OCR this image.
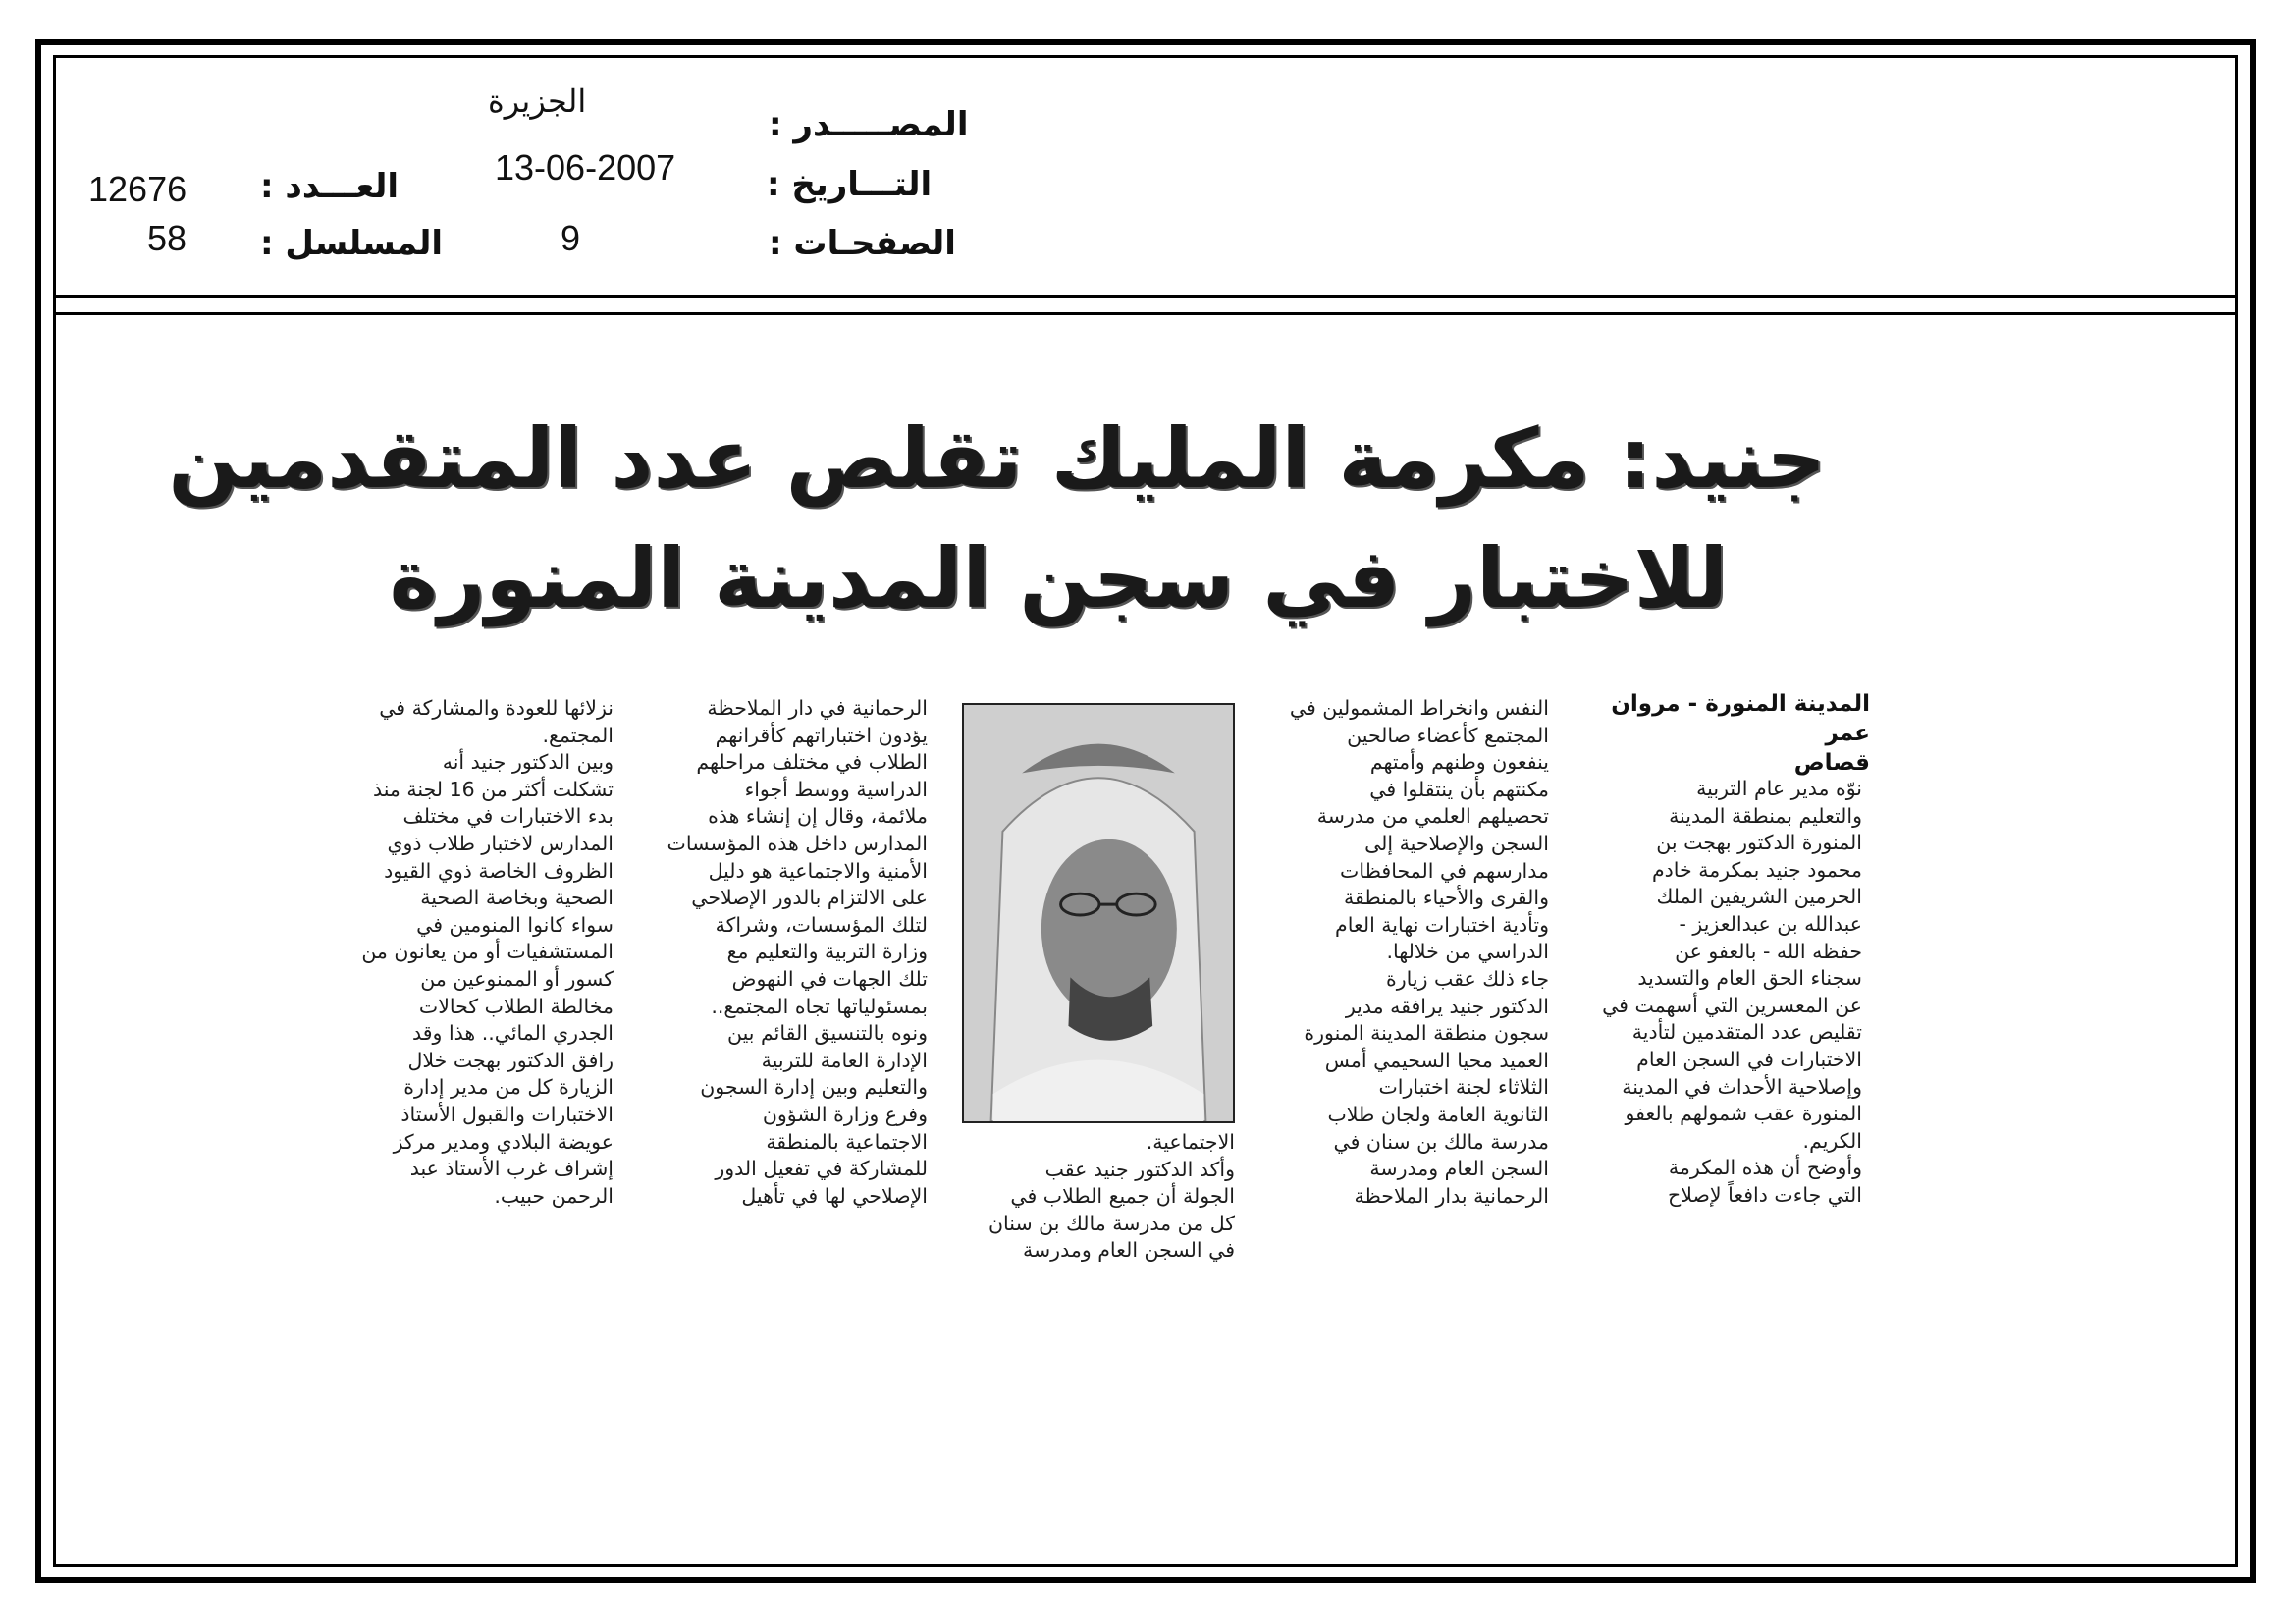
المصـــــدر :
الجزيرة
التـــاريخ :
13-06-2007
الصفحـات :
9
العـــدد :
12676
المسلسل :
58
جنيد: مكرمة المليك تقلص عدد المتقدمين
للاختبار في سجن المدينة المنورة
المدينة المنورة - مروان عمر
قصاص
نوّه مدير عام التربية
والتعليم بمنطقة المدينة
المنورة الدكتور بهجت بن
محمود جنيد بمكرمة خادم
الحرمين الشريفين الملك
عبدالله بن عبدالعزيز -
حفظه الله - بالعفو عن
سجناء الحق العام والتسديد
عن المعسرين التي أسهمت في
تقليص عدد المتقدمين لتأدية
الاختبارات في السجن العام
وإصلاحية الأحداث في المدينة
المنورة عقب شمولهم بالعفو
الكريم.
وأوضح أن هذه المكرمة
التي جاءت دافعاً لإصلاح
النفس وانخراط المشمولين في
المجتمع كأعضاء صالحين
ينفعون وطنهم وأمتهم
مكنتهم بأن ينتقلوا في
تحصيلهم العلمي من مدرسة
السجن والإصلاحية إلى
مدارسهم في المحافظات
والقرى والأحياء بالمنطقة
وتأدية اختبارات نهاية العام
الدراسي من خلالها.
جاء ذلك عقب زيارة
الدكتور جنيد يرافقه مدير
سجون منطقة المدينة المنورة
العميد محيا السحيمي أمس
الثلاثاء لجنة اختبارات
الثانوية العامة ولجان طلاب
مدرسة مالك بن سنان في
السجن العام ومدرسة
الرحمانية بدار الملاحظة
الاجتماعية.
وأكد الدكتور جنيد عقب
الجولة أن جميع الطلاب في
كل من مدرسة مالك بن سنان
في السجن العام ومدرسة
الرحمانية في دار الملاحظة
يؤدون اختباراتهم كأقرانهم
الطلاب في مختلف مراحلهم
الدراسية ووسط أجواء
ملائمة، وقال إن إنشاء هذه
المدارس داخل هذه المؤسسات
الأمنية والاجتماعية هو دليل
على الالتزام بالدور الإصلاحي
لتلك المؤسسات، وشراكة
وزارة التربية والتعليم مع
تلك الجهات في النهوض
بمسئولياتها تجاه المجتمع..
ونوه بالتنسيق القائم بين
الإدارة العامة للتربية
والتعليم وبين إدارة السجون
وفرع وزارة الشؤون
الاجتماعية بالمنطقة
للمشاركة في تفعيل الدور
الإصلاحي لها في تأهيل
نزلائها للعودة والمشاركة في
المجتمع.
وبين الدكتور جنيد أنه
تشكلت أكثر من 16 لجنة منذ
بدء الاختبارات في مختلف
المدارس لاختبار طلاب ذوي
الظروف الخاصة ذوي القيود
الصحية وبخاصة الصحية
سواء كانوا المنومين في
المستشفيات أو من يعانون من
كسور أو الممنوعين من
مخالطة الطلاب كحالات
الجدري المائي.. هذا وقد
رافق الدكتور بهجت خلال
الزيارة كل من مدير إدارة
الاختبارات والقبول الأستاذ
عويضة البلادي ومدير مركز
إشراف غرب الأستاذ عبد
الرحمن حبيب.
